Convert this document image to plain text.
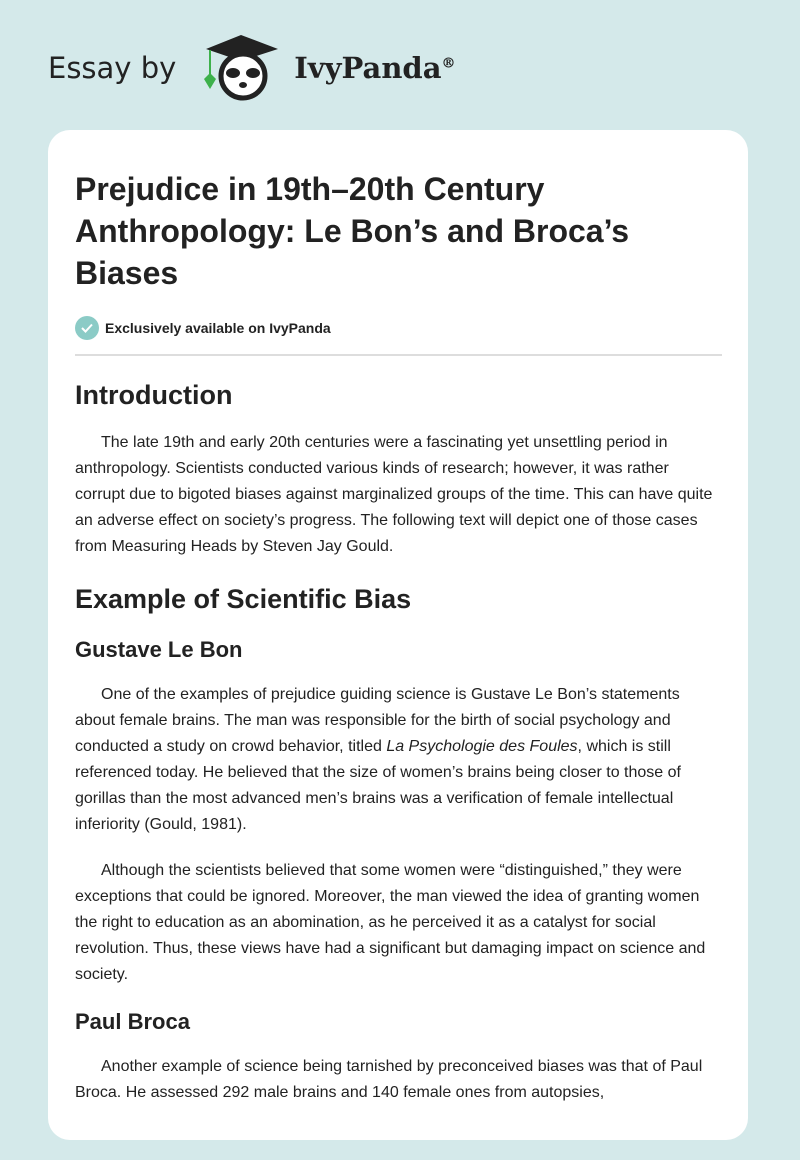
Essay by	IvyPanda®
Prejudice in 19th–20th Century Anthropology: Le Bon’s and Broca’s Biases
Exclusively available on IvyPanda
Introduction

The late 19th and early 20th centuries were a fascinating yet unsettling period in anthropology. Scientists conducted various kinds of research; however, it was rather corrupt due to bigoted biases against marginalized groups of the time. This can have quite an adverse effect on society’s progress. The following text will depict one of those cases from Measuring Heads by Steven Jay Gould.

Example of Scientific Bias
Gustave Le Bon

One of the examples of prejudice guiding science is Gustave Le Bon’s statements about female brains. The man was responsible for the birth of social psychology and conducted a study on crowd behavior, titled La Psychologie des Foules, which is still referenced today. He believed that the size of women’s brains being closer to those of gorillas than the most advanced men’s brains was a verification of female intellectual inferiority (Gould, 1981).

Although the scientists believed that some women were “distinguished,” they were exceptions that could be ignored. Moreover, the man viewed the idea of granting women the right to education as an abomination, as he perceived it as a catalyst for social revolution. Thus, these views have had a significant but damaging impact on science and society.

Paul Broca

Another example of science being tarnished by preconceived biases was that of Paul Broca. He assessed 292 male brains and 140 female ones from autopsies,
